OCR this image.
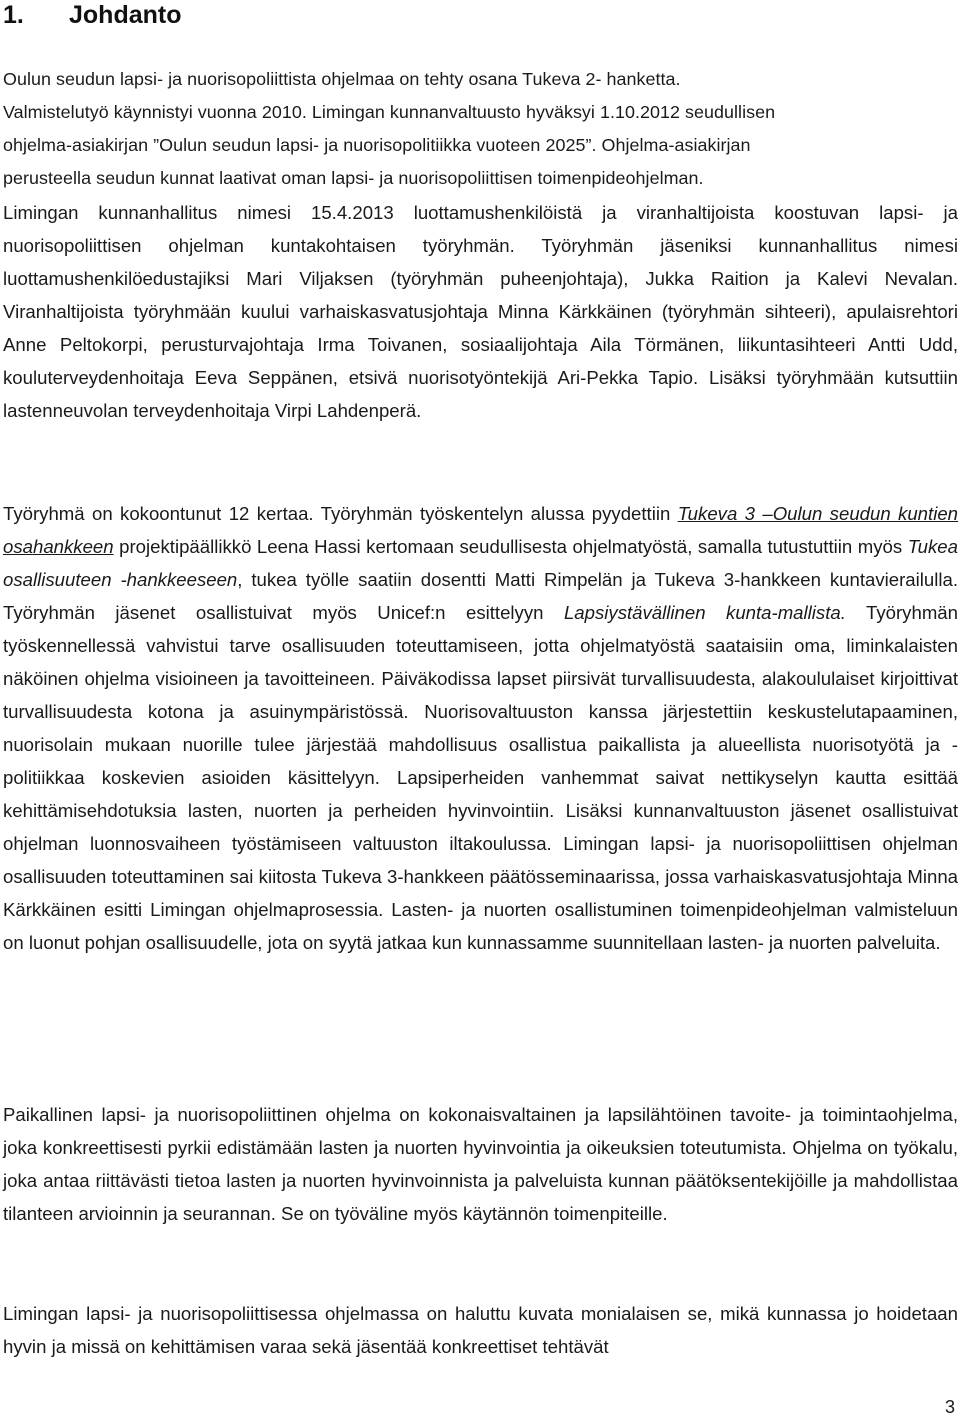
1. Johdanto

Oulun seudun lapsi- ja nuorisopoliittista ohjelmaa on tehty osana Tukeva 2- hanketta.
Valmistelutyö käynnistyi vuonna 2010. Limingan kunnanvaltuusto hyväksyi 1.10.2012 seudullisen
ohjelma-asiakirjan ”Oulun seudun lapsi- ja nuorisopolitiikka vuoteen 2025”. Ohjelma-asiakirjan
perusteella seudun kunnat laativat oman lapsi- ja nuorisopoliittisen toimenpideohjelman.

Limingan kunnanhallitus nimesi 15.4.2013 luottamushenkilöistä ja viranhaltijoista koostuvan lapsi- ja nuorisopoliittisen ohjelman kuntakohtaisen työryhmän. Työryhmän jäseniksi kunnanhallitus nimesi luottamushenkilöedustajiksi Mari Viljaksen (työryhmän puheenjohtaja), Jukka Raition ja Kalevi Nevalan. Viranhaltijoista työryhmään kuului varhaiskasvatusjohtaja Minna Kärkkäinen (työryhmän sihteeri), apulaisrehtori Anne Peltokorpi, perusturvajohtaja Irma Toivanen, sosiaalijohtaja Aila Törmänen, liikuntasihteeri Antti Udd, kouluterveydenhoitaja Eeva Seppänen, etsivä nuorisotyöntekijä Ari-Pekka Tapio. Lisäksi työryhmään kutsuttiin lastenneuvolan terveydenhoitaja Virpi Lahdenperä.

Työryhmä on kokoontunut 12 kertaa. Työryhmän työskentelyn alussa pyydettiin Tukeva 3 –Oulun seudun kuntien osahankkeen projektipäällikkö Leena Hassi kertomaan seudullisesta ohjelmatyöstä, samalla tutustuttiin myös Tukea osallisuuteen -hankkeeseen, tukea työlle saatiin dosentti Matti Rimpelän ja Tukeva 3-hankkeen kuntavierailulla. Työryhmän jäsenet osallistuivat myös Unicef:n esittelyyn Lapsiystävällinen kunta-mallista. Työryhmän työskennellessä vahvistui tarve osallisuuden toteuttamiseen, jotta ohjelmatyöstä saataisiin oma, liminkalaisten näköinen ohjelma visioineen ja tavoitteineen. Päiväkodissa lapset piirsivät turvallisuudesta, alakoululaiset kirjoittivat turvallisuudesta kotona ja asuinympäristössä. Nuorisovaltuuston kanssa järjestettiin keskustelutapaaminen, nuorisolain mukaan nuorille tulee järjestää mahdollisuus osallistua paikallista ja alueellista nuorisotyötä ja -politiikkaa koskevien asioiden käsittelyyn. Lapsiperheiden vanhemmat saivat nettikyselyn kautta esittää kehittämisehdotuksia lasten, nuorten ja perheiden hyvinvointiin. Lisäksi kunnanvaltuuston jäsenet osallistuivat ohjelman luonnosvaiheen työstämiseen valtuuston iltakoulussa. Limingan lapsi- ja nuorisopoliittisen ohjelman osallisuuden toteuttaminen sai kiitosta Tukeva 3-hankkeen päätösseminaarissa, jossa varhaiskasvatusjohtaja Minna Kärkkäinen esitti Limingan ohjelmaprosessia. Lasten- ja nuorten osallistuminen toimenpideohjelman valmisteluun on luonut pohjan osallisuudelle, jota on syytä jatkaa kun kunnassamme suunnitellaan lasten- ja nuorten palveluita.

Paikallinen lapsi- ja nuorisopoliittinen ohjelma on kokonaisvaltainen ja lapsilähtöinen tavoite- ja toimintaohjelma, joka konkreettisesti pyrkii edistämään lasten ja nuorten hyvinvointia ja oikeuksien toteutumista. Ohjelma on työkalu, joka antaa riittävästi tietoa lasten ja nuorten hyvinvoinnista ja palveluista kunnan päätöksentekijöille ja mahdollistaa tilanteen arvioinnin ja seurannan. Se on työväline myös käytännön toimenpiteille.

Limingan lapsi- ja nuorisopoliittisessa ohjelmassa on haluttu kuvata monialaisen se, mikä kunnassa jo hoidetaan hyvin ja missä on kehittämisen varaa sekä jäsentää konkreettiset tehtävät

3
